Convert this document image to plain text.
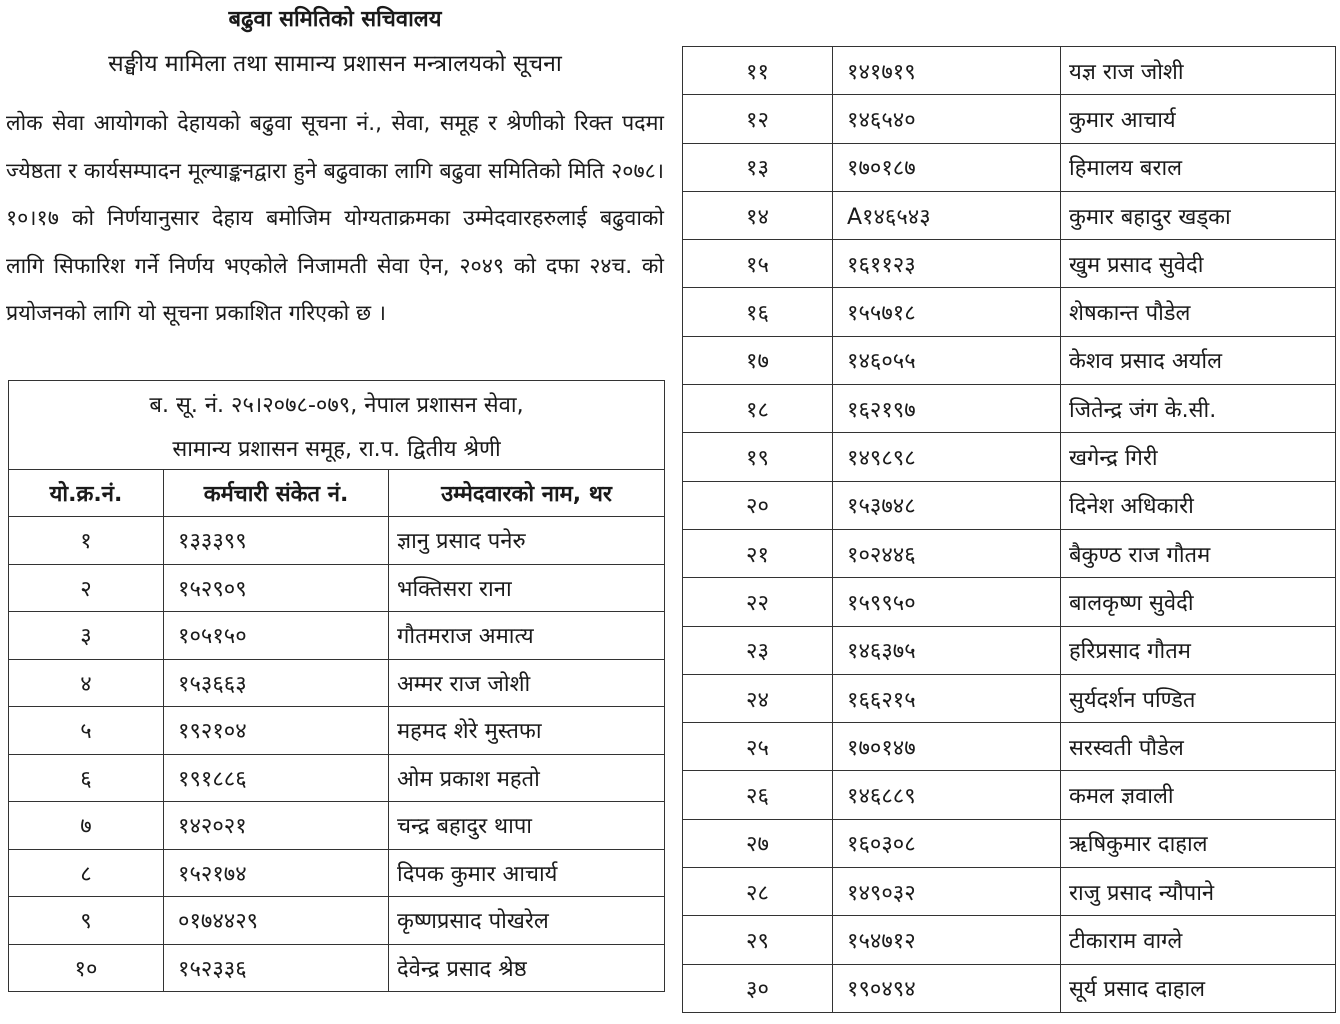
बढुवा समितिको सचिवालय
सङ्घीय मामिला तथा सामान्य प्रशासन मन्त्रालयको सूचना
लोक सेवा आयोगको देहायको बढुवा सूचना नं., सेवा, समूह र श्रेणीको रिक्त पदमा ज्येष्ठता र कार्यसम्पादन मूल्याङ्कनद्वारा हुने बढुवाका लागि बढुवा समितिको मिति २०७८।१०।१७ को निर्णयानुसार देहाय बमोजिम योग्यताक्रमका उम्मेदवारहरुलाई बढुवाको लागि सिफारिश गर्ने निर्णय भएकोले निजामती सेवा ऐन, २०४९ को दफा २४च. को प्रयोजनको लागि यो सूचना प्रकाशित गरिएको छ ।
ब. सू. नं. २५।२०७८-०७९, नेपाल प्रशासन सेवा,		
सामान्य प्रशासन समूह, रा.प. द्वितीय श्रेणी		
यो.क्र.नं.	कर्मचारी संकेत नं.	उम्मेदवारको नाम, थर
१	१३३३९९	ज्ञानु प्रसाद पनेरु
२	१५२९०९	भक्तिसरा राना
३	१०५१५०	गौतमराज अमात्य
४	१५३६६३	अम्मर राज जोशी
५	१९२१०४	महमद शेरे मुस्तफा
६	१९१८८६	ओम प्रकाश महतो
७	१४२०२१	चन्द्र बहादुर थापा
८	१५२१७४	दिपक कुमार आचार्य
९	०१७४४२९	कृष्णप्रसाद पोखरेल
१०	१५२३३६	देवेन्द्र प्रसाद श्रेष्ठ
११	१४१७१९	यज्ञ राज जोशी
१२	१४६५४०	कुमार आचार्य
१३	१७०१८७	हिमालय बराल
१४	A१४६५४३	कुमार बहादुर खड्का
१५	१६११२३	खुम प्रसाद सुवेदी
१६	१५५७१८	शेषकान्त पौडेल
१७	१४६०५५	केशव प्रसाद अर्याल
१८	१६२१९७	जितेन्द्र जंग के.सी.
१९	१४९८९८	खगेन्द्र गिरी
२०	१५३७४८	दिनेश अधिकारी
२१	१०२४४६	बैकुण्ठ राज गौतम
२२	१५९९५०	बालकृष्ण सुवेदी
२३	१४६३७५	हरिप्रसाद गौतम
२४	१६६२१५	सुर्यदर्शन पण्डित
२५	१७०१४७	सरस्वती पौडेल
२६	१४६८८९	कमल ज्ञवाली
२७	१६०३०८	ऋषिकुमार दाहाल
२८	१४९०३२	राजु प्रसाद न्यौपाने
२९	१५४७१२	टीकाराम वाग्ले
३०	१९०४९४	सूर्य प्रसाद दाहाल
